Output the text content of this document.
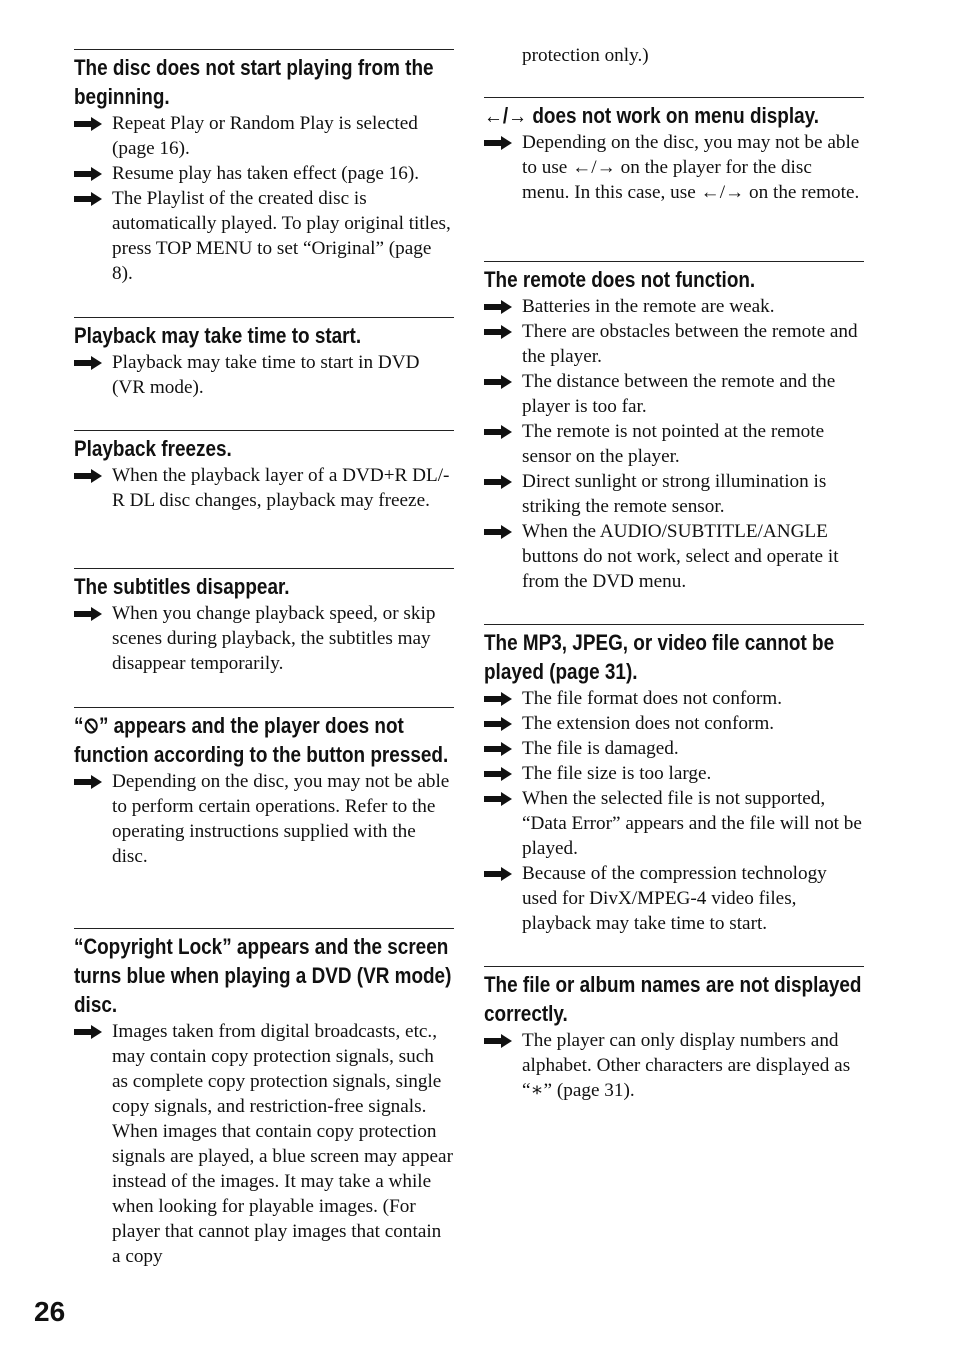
The disc does not start playing from the beginning.
Repeat Play or Random Play is selected (page 16).
Resume play has taken effect (page 16).
The Playlist of the created disc is automatically played. To play original titles, press TOP MENU to set “Original” (page 8).
Playback may take time to start.
Playback may take time to start in DVD (VR mode).
Playback freezes.
When the playback layer of a DVD+R DL/-R DL disc changes, playback may freeze.
The subtitles disappear.
When you change playback speed, or skip scenes during playback, the subtitles may disappear temporarily.
“ ” appears and the player does not function according to the button pressed.
Depending on the disc, you may not be able to perform certain operations. Refer to the operating instructions supplied with the disc.
“Copyright Lock” appears and the screen turns blue when playing a DVD (VR mode) disc.
Images taken from digital broadcasts, etc., may contain copy protection signals, such as complete copy protection signals, single copy signals, and restriction-free signals. When images that contain copy protection signals are played, a blue screen may appear instead of the images. It may take a while when looking for playable images. (For player that cannot play images that contain a copy
protection only.)
←/→ does not work on menu display.
Depending on the disc, you may not be able to use ←/→ on the player for the disc menu. In this case, use ←/→ on the remote.
The remote does not function.
Batteries in the remote are weak.
There are obstacles between the remote and the player.
The distance between the remote and the player is too far.
The remote is not pointed at the remote sensor on the player.
Direct sunlight or strong illumination is striking the remote sensor.
When the AUDIO/SUBTITLE/ANGLE buttons do not work, select and operate it from the DVD menu.
The MP3, JPEG, or video file cannot be played (page 31).
The file format does not conform.
The extension does not conform.
The file is damaged.
The file size is too large.
When the selected file is not supported, “Data Error” appears and the file will not be played.
Because of the compression technology used for DivX/MPEG-4 video files, playback may take time to start.
The file or album names are not displayed correctly.
The player can only display numbers and alphabet. Other characters are displayed as “∗” (page 31).
26
